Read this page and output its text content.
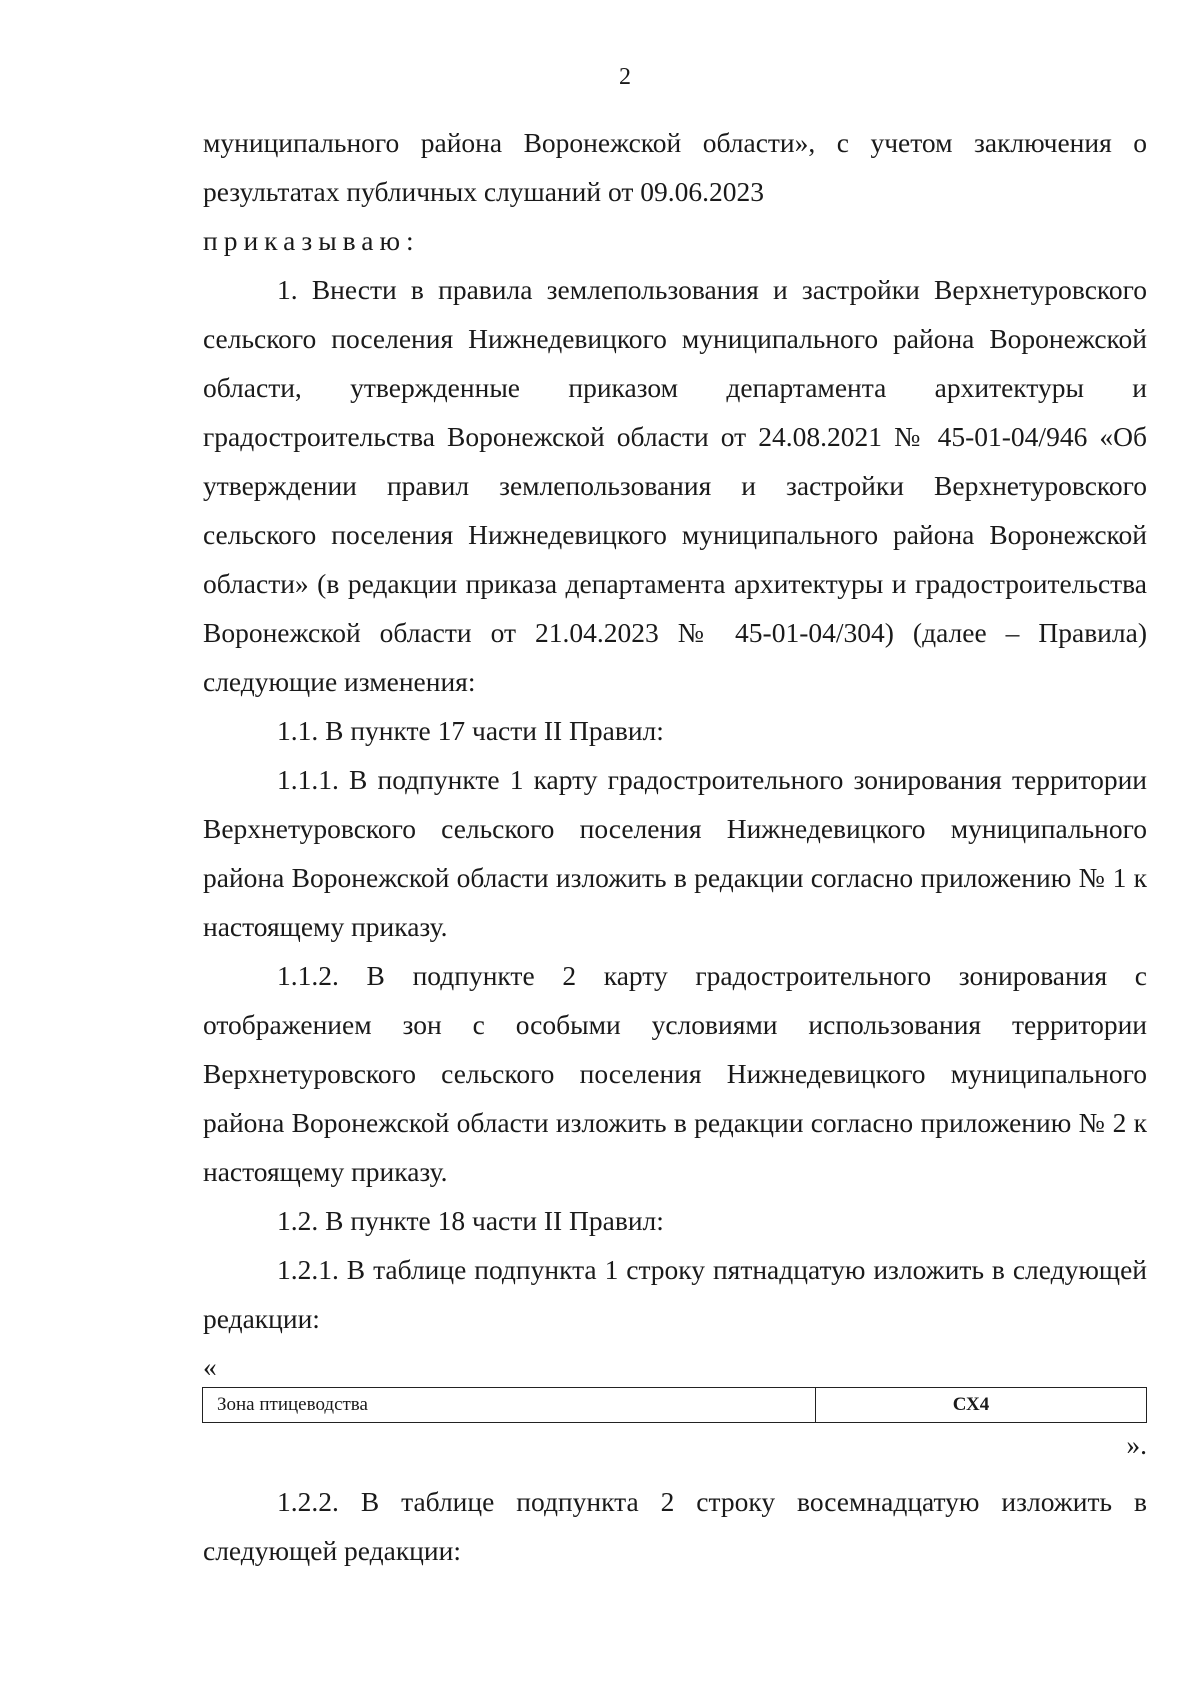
2

муниципального района Воронежской области», с учетом заключения о результатах публичных слушаний от 09.06.2023

приказываю:

1. Внести в правила землепользования и застройки Верхнетуровского сельского поселения Нижнедевицкого муниципального района Воронежской области, утвержденные приказом департамента архитектуры и градостроительства Воронежской области от 24.08.2021 № 45-01-04/946 «Об утверждении правил землепользования и застройки Верхнетуровского сельского поселения Нижнедевицкого муниципального района Воронежской области» (в редакции приказа департамента архитектуры и градостроительства Воронежской области от 21.04.2023 № 45-01-04/304) (далее – Правила) следующие изменения:

1.1. В пункте 17 части II Правил:

1.1.1. В подпункте 1 карту градостроительного зонирования территории Верхнетуровского сельского поселения Нижнедевицкого муниципального района Воронежской области изложить в редакции согласно приложению № 1 к настоящему приказу.

1.1.2. В подпункте 2 карту градостроительного зонирования с отображением зон с особыми условиями использования территории Верхнетуровского сельского поселения Нижнедевицкого муниципального района Воронежской области изложить в редакции согласно приложению № 2 к настоящему приказу.

1.2. В пункте 18 части II Правил:

1.2.1. В таблице подпункта 1 строку пятнадцатую изложить в следующей редакции:

«

Зона птицеводства	СХ4

».

1.2.2. В таблице подпункта 2 строку восемнадцатую изложить в следующей редакции:
